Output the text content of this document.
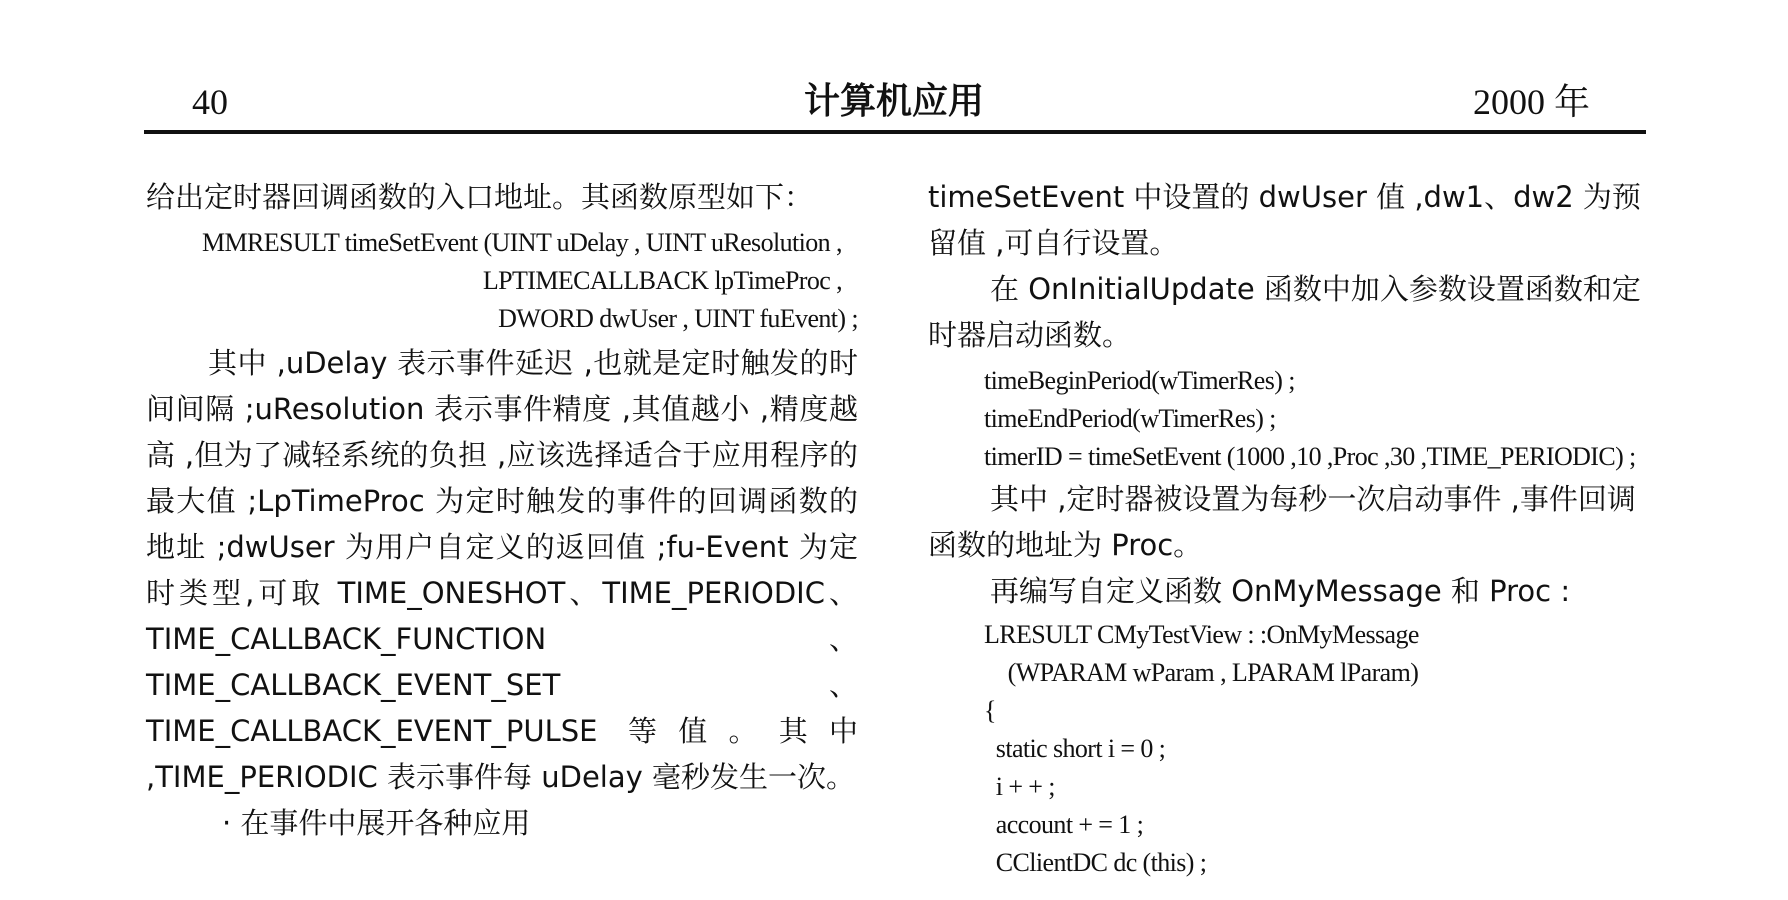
40	计算机应用	2000 年

给出定时器回调函数的入口地址。其函数原型如下：

MMRESULT timeSetEvent (UINT uDelay , UINT uResolution ,
LPTIMECALLBACK lpTimeProc ,
DWORD dwUser , UINT fuEvent) ;

其中 ,uDelay 表示事件延迟 ,也就是定时触发的时间间隔 ;uResolution 表示事件精度 ,其值越小 ,精度越高 ,但为了减轻系统的负担 ,应该选择适合于应用程序的最大值 ;LpTimeProc 为定时触发的事件的回调函数的地址 ;dwUser 为用户自定义的返回值 ;fu-Event 为定时类型,可取 TIME_ONESHOT、TIME_PERIODIC、TIME_CALLBACK_FUNCTION、TIME_CALLBACK_EVENT_SET、TIME_CALLBACK_EVENT_PULSE 等值。其中 ,TIME_PERIODIC 表示事件每 uDelay 毫秒发生一次。

· 在事件中展开各种应用

timeSetEvent 中设置的 dwUser 值 ,dw1、dw2 为预留值 ,可自行设置。

在 OnInitialUpdate 函数中加入参数设置函数和定时器启动函数。

timeBeginPeriod(wTimerRes) ;
timeEndPeriod(wTimerRes) ;
timerID = timeSetEvent (1000 ,10 ,Proc ,30 ,TIME_PERIODIC) ;

其中 ,定时器被设置为每秒一次启动事件 ,事件回调函数的地址为 Proc。

再编写自定义函数 OnMyMessage 和 Proc :

LRESULT CMyTestView : :OnMyMessage
(WPARAM wParam , LPARAM lParam)
{
static short i = 0 ;
i + + ;
account + = 1 ;
CClientDC dc (this) ;
